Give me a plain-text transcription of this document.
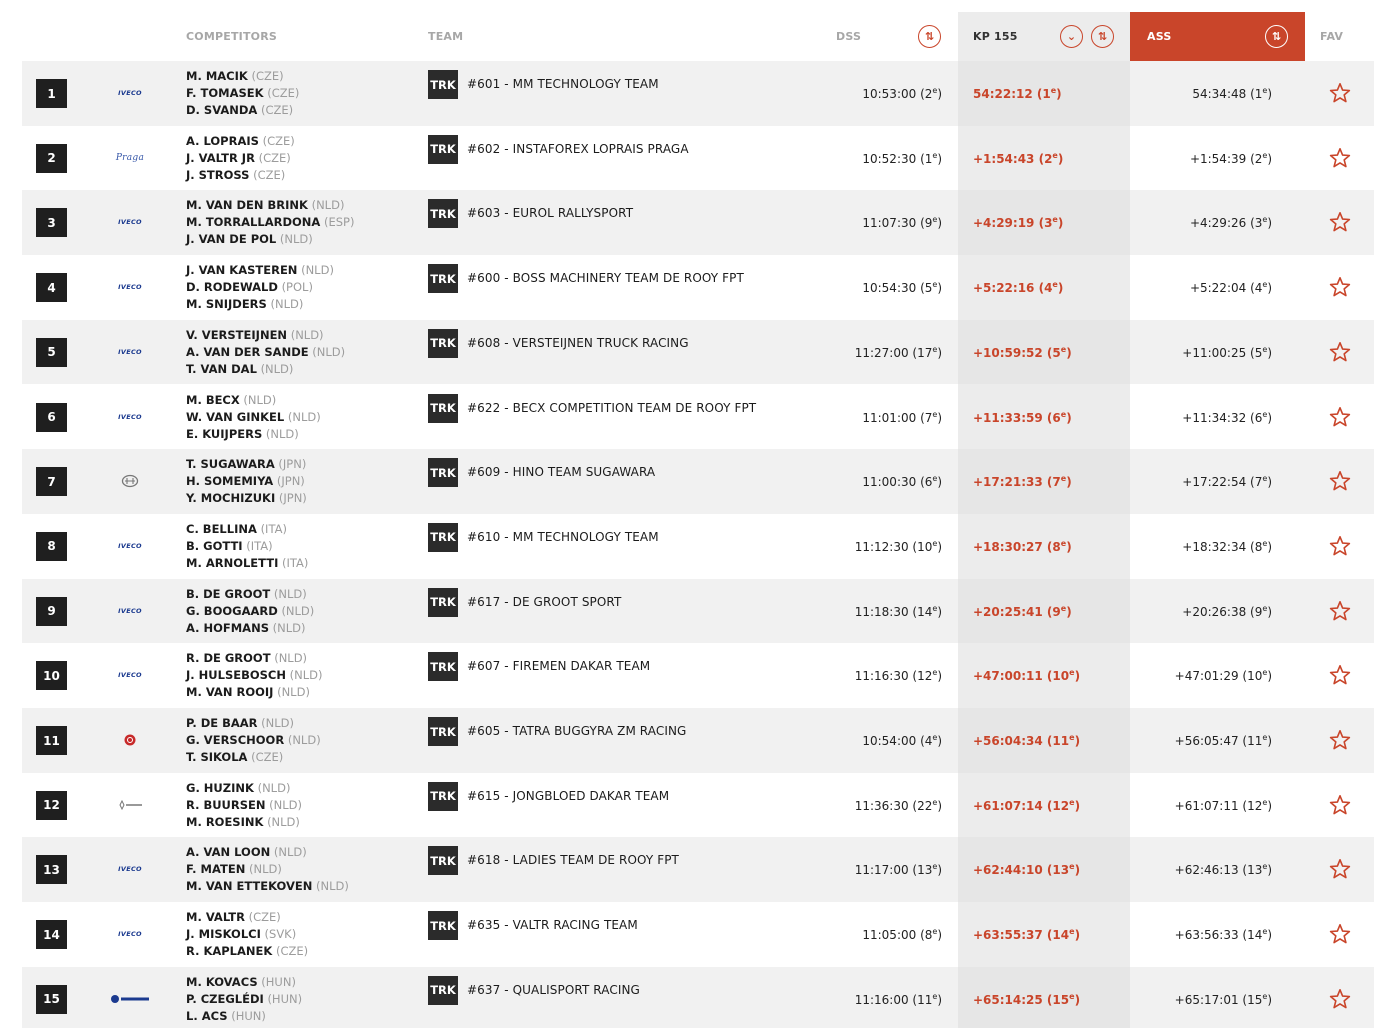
COMPETITORS	TEAM	DSS	⇅	KP 155	⌄	⇅	ASS	⇅	FAV
1	IVECO
M. MACIK (CZE)
F. TOMASEK (CZE)
D. SVANDA (CZE)
TRK #601 - MM TECHNOLOGY TEAM
10:53:00 (2e)	54:22:12 (1e)	54:34:48 (1e)
2	Praga
A. LOPRAIS (CZE)
J. VALTR JR (CZE)
J. STROSS (CZE)
TRK #602 - INSTAFOREX LOPRAIS PRAGA
10:52:30 $(1^e)$	+1:54:43 $(2^e)$	+1:54:39 (2e)
3	IVECO
M. VAN DEN BRINK (NLD)
M. TORRALLARDONA (ESP)
J. VAN DE POL (NLD)
TRK #603 - EUROL RALLYSPORT
11:07:30 $(9^e)$	+4:29:19 $(3^e)$	+4:29:26 (3e)
4	IVECO
J. VAN KASTEREN (NLD)
D. RODEWALD (POL)
M. SNIJDERS (NLD)
TRK #600 - BOSS MACHINERY TEAM DE ROOY FPT
10:54:30 $(5^e)$	+5:22:16 $(4^e)$	+5:22:04 (4e)
5	IVECO
V. VERSTEIJNEN (NLD)
A. VAN DER SANDE (NLD)
T. VAN DAL (NLD)
TRK #608 - VERSTEIJNEN TRUCK RACING
11:27:00 $(17^e)$	+10:59:52 $(5^e)$	+11:00:25 (5e)
6	IVECO
M. BECX (NLD)
W. VAN GINKEL (NLD)
E. KUIJPERS (NLD)
TRK #622 - BECX COMPETITION TEAM DE ROOY FPT
11:01:00 $(7^e)$	+11:33:59 $(6^e)$	+11:34:32 (6e)
7
T. SUGAWARA (JPN)
H. SOMEMIYA (JPN)
Y. MOCHIZUKI (JPN)
TRK #609 - HINO TEAM SUGAWARA
11:00:30 $(6^e)$	+17:21:33 $(7^e)$	+17:22:54 (7e)
8	IVECO
C. BELLINA (ITA)
B. GOTTI (ITA)
M. ARNOLETTI (ITA)
TRK #610 - MM TECHNOLOGY TEAM
11:12:30 $(10^e)$	+18:30:27 $(8^e)$	+18:32:34 (8e)
9	IVECO
B. DE GROOT (NLD)
G. BOOGAARD (NLD)
A. HOFMANS (NLD)
TRK #617 - DE GROOT SPORT
11:18:30 $(14^e)$	+20:25:41 $(9^e)$	+20:26:38 (9e)
10	IVECO
R. DE GROOT (NLD)
J. HULSEBOSCH (NLD)
M. VAN ROOIJ (NLD)
TRK #607 - FIREMEN DAKAR TEAM
11:16:30 $(12^e)$	+47:00:11 $(10^e)$	+47:01:29 (10e)
11
P. DE BAAR (NLD)
G. VERSCHOOR (NLD)
T. SIKOLA (CZE)
TRK #605 - TATRA BUGGYRA ZM RACING
10:54:00 $(4^e)$	+56:04:34 $(11^e)$	+56:05:47 (11e)
12
G. HUZINK (NLD)
R. BUURSEN (NLD)
M. ROESINK (NLD)
TRK #615 - JONGBLOED DAKAR TEAM
11:36:30 $(22^e)$	+61:07:14 $(12^e)$	+61:07:11 (12e)
13	IVECO
A. VAN LOON (NLD)
F. MATEN (NLD)
M. VAN ETTEKOVEN (NLD)
TRK #618 - LADIES TEAM DE ROOY FPT
11:17:00 $(13^e)$	+62:44:10 $(13^e)$	+62:46:13 (13e)
14	IVECO
M. VALTR (CZE)
J. MISKOLCI (SVK)
R. KAPLANEK (CZE)
TRK #635 - VALTR RACING TEAM
11:05:00 $(8^e)$	+63:55:37 $(14^e)$	+63:56:33 (14e)
15
M. KOVACS (HUN)
P. CZEGLÉDI (HUN)
L. ACS (HUN)
TRK #637 - QUALISPORT RACING
11:16:00 $(11^e)$	+65:14:25 $(15^e)$	+65:17:01 (15e)
